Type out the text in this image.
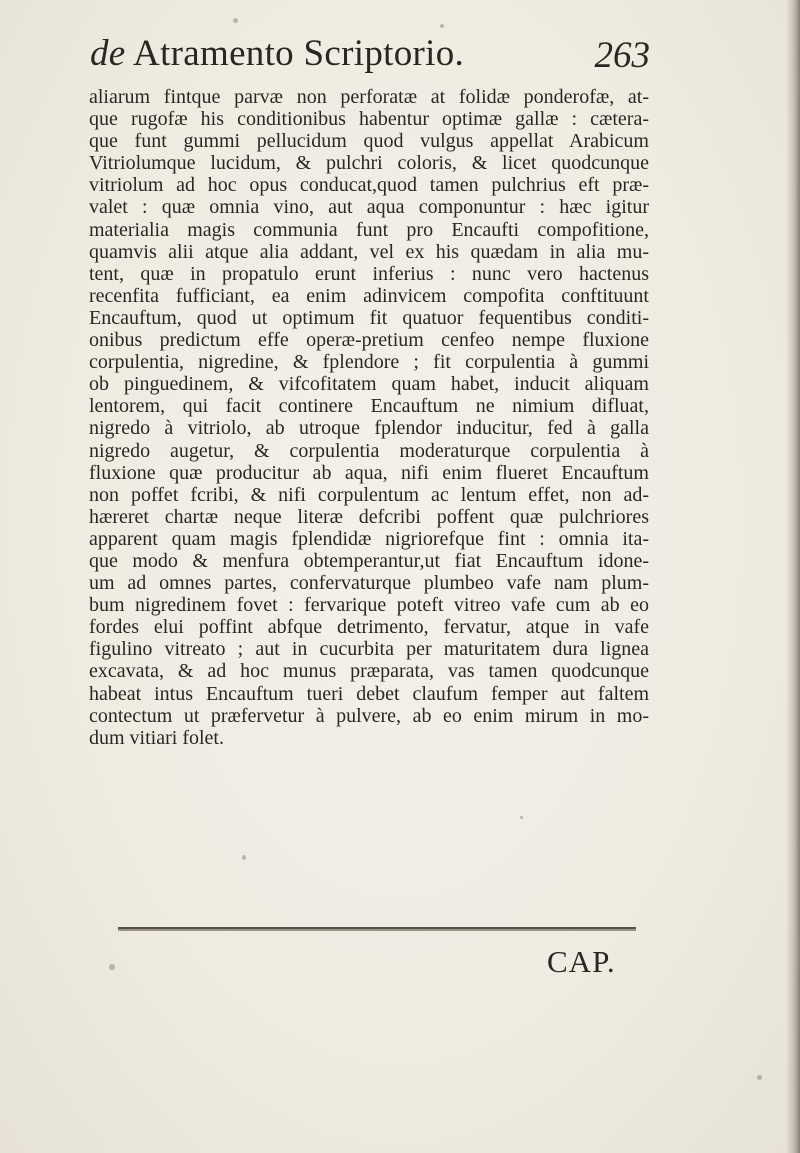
de Atramento Scriptorio.	263
aliarum fintque parvæ non perforatæ at folidæ ponderofæ, at-
que rugofæ his conditionibus habentur optimæ gallæ : cætera-
que funt gummi pellucidum quod vulgus appellat Arabicum
Vitriolumque lucidum, & pulchri coloris, & licet quodcunque
vitriolum ad hoc opus conducat,quod tamen pulchrius eft præ-
valet : quæ omnia vino, aut aqua componuntur : hæc igitur
materialia magis communia funt pro Encaufti compofitione,
quamvis alii atque alia addant, vel ex his quædam in alia mu-
tent, quæ in propatulo erunt inferius : nunc vero hactenus
recenfita fufficiant, ea enim adinvicem compofita conftituunt
Encauftum, quod ut optimum fit quatuor fequentibus conditi-
onibus predictum effe operæ-pretium cenfeo nempe fluxione
corpulentia, nigredine, & fplendore ; fit corpulentia à gummi
ob pinguedinem, & vifcofitatem quam habet, inducit aliquam
lentorem, qui facit continere Encauftum ne nimium difluat,
nigredo à vitriolo, ab utroque fplendor inducitur, fed à galla
nigredo augetur, & corpulentia moderaturque corpulentia à
fluxione quæ producitur ab aqua, nifi enim flueret Encauftum
non poffet fcribi, & nifi corpulentum ac lentum effet, non ad-
hæreret chartæ neque literæ defcribi poffent quæ pulchriores
apparent quam magis fplendidæ nigriorefque fint : omnia ita-
que modo & menfura obtemperantur,ut fiat Encauftum idone-
um ad omnes partes, confervaturque plumbeo vafe nam plum-
bum nigredinem fovet : fervarique poteft vitreo vafe cum ab eo
fordes elui poffint abfque detrimento, fervatur, atque in vafe
figulino vitreato ; aut in cucurbita per maturitatem dura lignea
excavata, & ad hoc munus præparata, vas tamen quodcunque
habeat intus Encauftum tueri debet claufum femper aut faltem
contectum ut præfervetur à pulvere, ab eo enim mirum in mo-
dum vitiari folet.
CAP.
